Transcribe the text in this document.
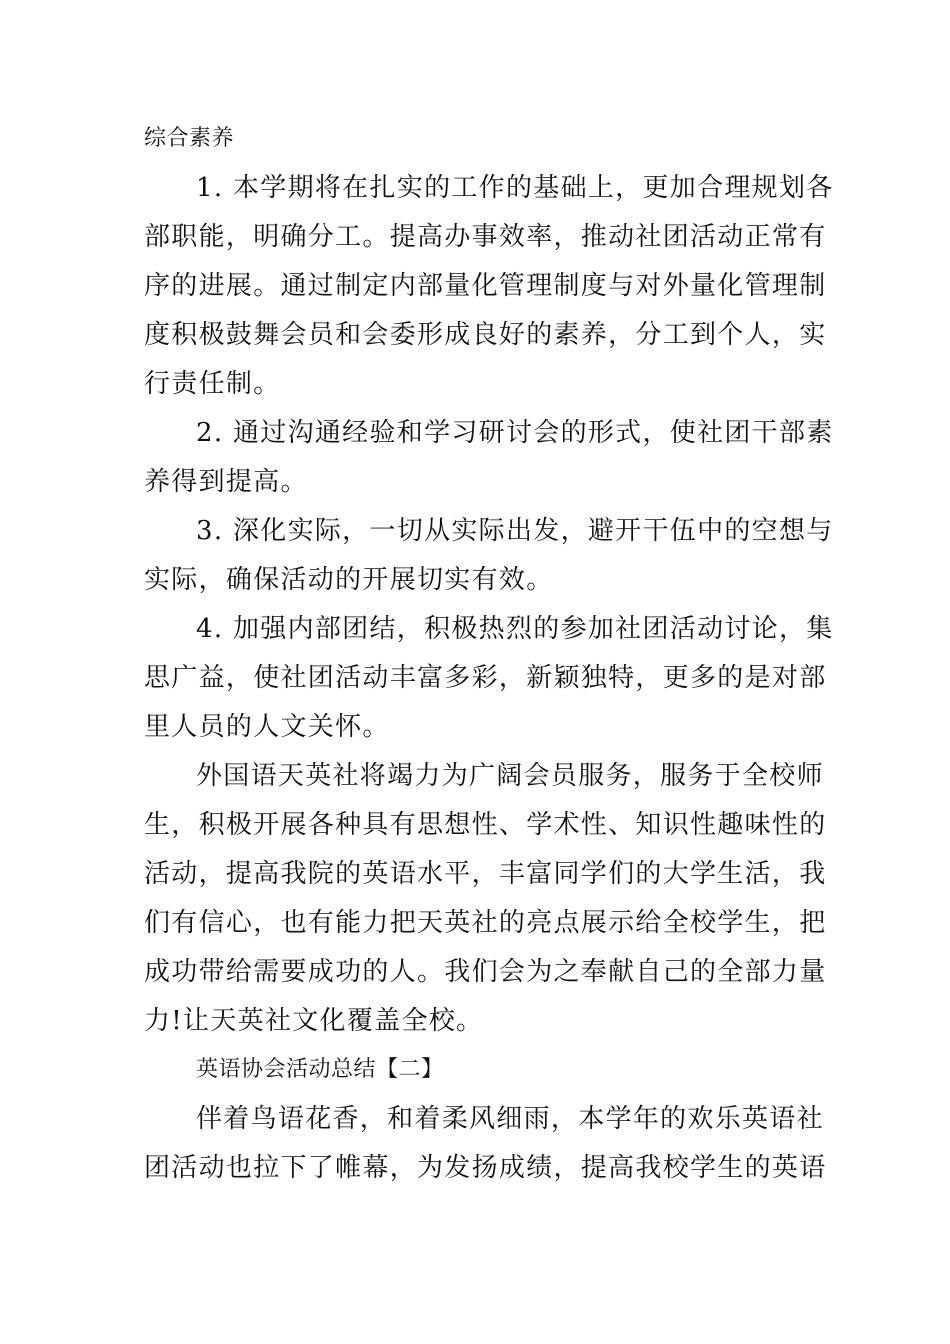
综合素养
1. 本学期将在扎实的工作的基础上，更加合理规划各
部职能，明确分工。提高办事效率，推动社团活动正常有
序的进展。通过制定内部量化管理制度与对外量化管理制
度积极鼓舞会员和会委形成良好的素养，分工到个人，实
行责任制。
2. 通过沟通经验和学习研讨会的形式，使社团干部素
养得到提高。
3. 深化实际，一切从实际出发，避开干伍中的空想与
实际，确保活动的开展切实有效。
4. 加强内部团结，积极热烈的参加社团活动讨论，集
思广益，使社团活动丰富多彩，新颖独特，更多的是对部
里人员的人文关怀。
外国语天英社将竭力为广阔会员服务，服务于全校师
生，积极开展各种具有思想性、学术性、知识性趣味性的
活动，提高我院的英语水平，丰富同学们的大学生活，我
们有信心，也有能力把天英社的亮点展示给全校学生，把
成功带给需要成功的人。我们会为之奉献自己的全部力量
力!让天英社文化覆盖全校。
英语协会活动总结【二】
伴着鸟语花香，和着柔风细雨，本学年的欢乐英语社
团活动也拉下了帷幕，为发扬成绩，提高我校学生的英语
